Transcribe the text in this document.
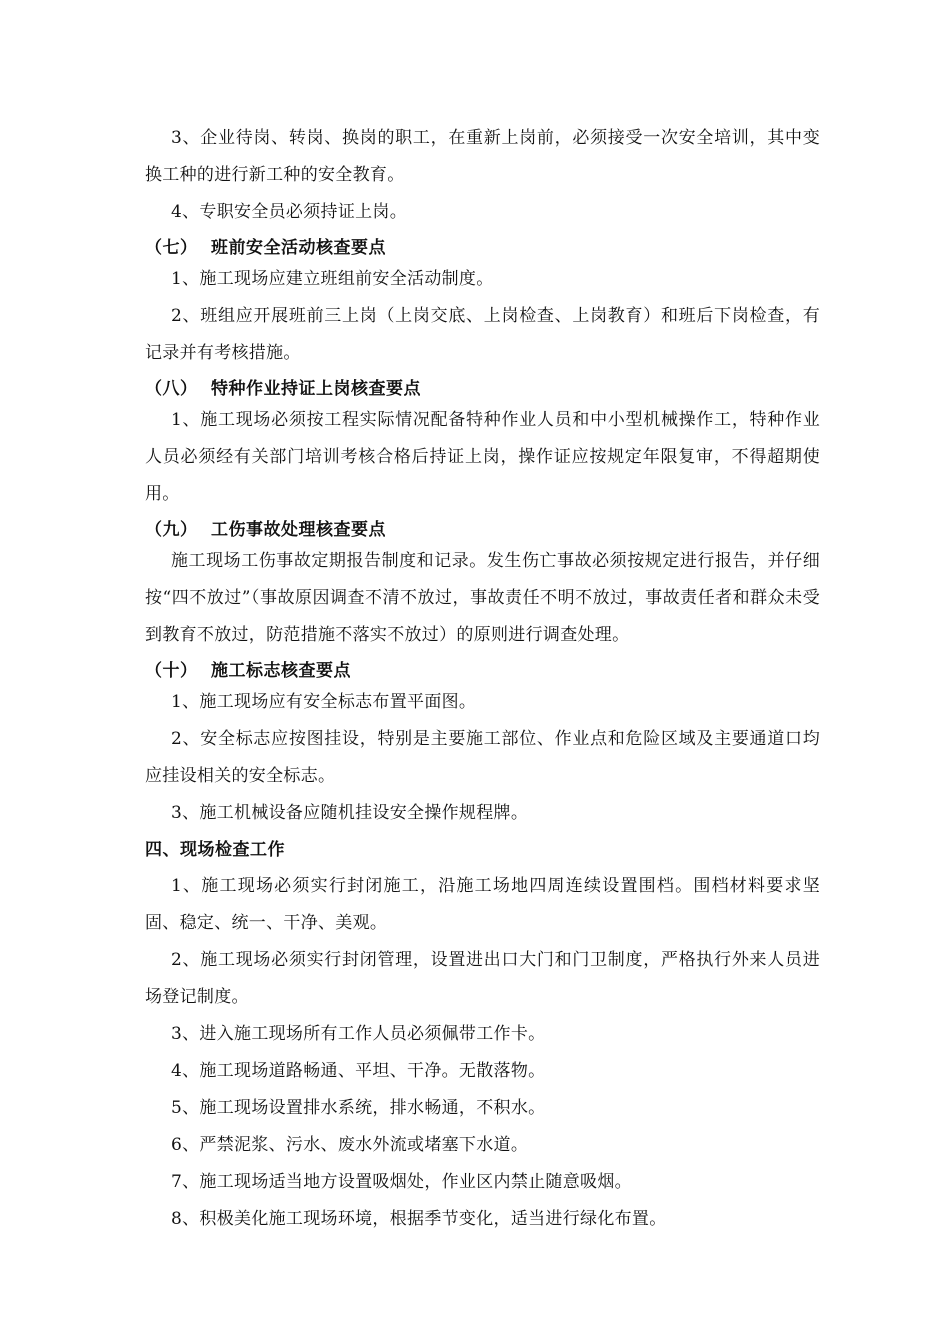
3、企业待岗、转岗、换岗的职工，在重新上岗前，必须接受一次安全培训，其中变换工种的进行新工种的安全教育。

4、专职安全员必须持证上岗。

（七） 班前安全活动核查要点

1、施工现场应建立班组前安全活动制度。

2、班组应开展班前三上岗（上岗交底、上岗检查、上岗教育）和班后下岗检查，有记录并有考核措施。

（八） 特种作业持证上岗核查要点

1、施工现场必须按工程实际情况配备特种作业人员和中小型机械操作工，特种作业人员必须经有关部门培训考核合格后持证上岗，操作证应按规定年限复审，不得超期使用。

（九） 工伤事故处理核查要点

施工现场工伤事故定期报告制度和记录。发生伤亡事故必须按规定进行报告，并仔细按“四不放过”（事故原因调查不清不放过，事故责任不明不放过，事故责任者和群众未受到教育不放过，防范措施不落实不放过）的原则进行调查处理。

（十） 施工标志核查要点

1、施工现场应有安全标志布置平面图。

2、安全标志应按图挂设，特别是主要施工部位、作业点和危险区域及主要通道口均应挂设相关的安全标志。

3、施工机械设备应随机挂设安全操作规程牌。

四、现场检查工作

1、施工现场必须实行封闭施工，沿施工场地四周连续设置围档。围档材料要求坚固、稳定、统一、干净、美观。

2、施工现场必须实行封闭管理，设置进出口大门和门卫制度，严格执行外来人员进场登记制度。

3、进入施工现场所有工作人员必须佩带工作卡。

4、施工现场道路畅通、平坦、干净。无散落物。

5、施工现场设置排水系统，排水畅通，不积水。

6、严禁泥浆、污水、废水外流或堵塞下水道。

7、施工现场适当地方设置吸烟处，作业区内禁止随意吸烟。

8、积极美化施工现场环境，根据季节变化，适当进行绿化布置。
